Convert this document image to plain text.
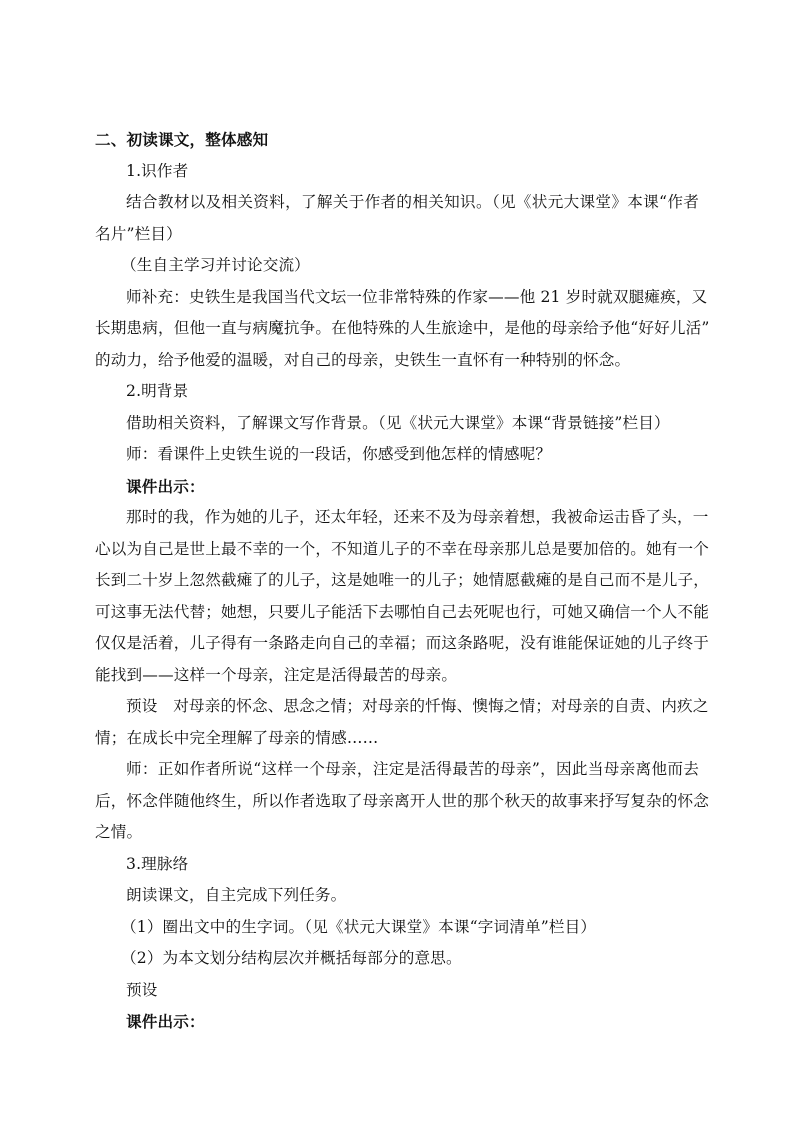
二、初读课文，整体感知
1.识作者
结合教材以及相关资料，了解关于作者的相关知识。（见《状元大课堂》本课“作者
名片”栏目）
（生自主学习并讨论交流）
师补充：史铁生是我国当代文坛一位非常特殊的作家——他 21 岁时就双腿瘫痪，又
长期患病，但他一直与病魔抗争。在他特殊的人生旅途中，是他的母亲给予他“好好儿活”
的动力，给予他爱的温暖，对自己的母亲，史铁生一直怀有一种特别的怀念。
2.明背景
借助相关资料，了解课文写作背景。（见《状元大课堂》本课“背景链接”栏目）
师：看课件上史铁生说的一段话，你感受到他怎样的情感呢？
课件出示：
那时的我，作为她的儿子，还太年轻，还来不及为母亲着想，我被命运击昏了头，一
心以为自己是世上最不幸的一个，不知道儿子的不幸在母亲那儿总是要加倍的。她有一个
长到二十岁上忽然截瘫了的儿子，这是她唯一的儿子；她情愿截瘫的是自己而不是儿子，
可这事无法代替；她想，只要儿子能活下去哪怕自己去死呢也行，可她又确信一个人不能
仅仅是活着，儿子得有一条路走向自己的幸福；而这条路呢，没有谁能保证她的儿子终于
能找到——这样一个母亲，注定是活得最苦的母亲。
预设　对母亲的怀念、思念之情；对母亲的忏悔、懊悔之情；对母亲的自责、内疚之
情；在成长中完全理解了母亲的情感……
师：正如作者所说“这样一个母亲，注定是活得最苦的母亲”，因此当母亲离他而去
后，怀念伴随他终生，所以作者选取了母亲离开人世的那个秋天的故事来抒写复杂的怀念
之情。
3.理脉络
朗读课文，自主完成下列任务。
（1）圈出文中的生字词。（见《状元大课堂》本课“字词清单”栏目）
（2）为本文划分结构层次并概括每部分的意思。
预设
课件出示：
